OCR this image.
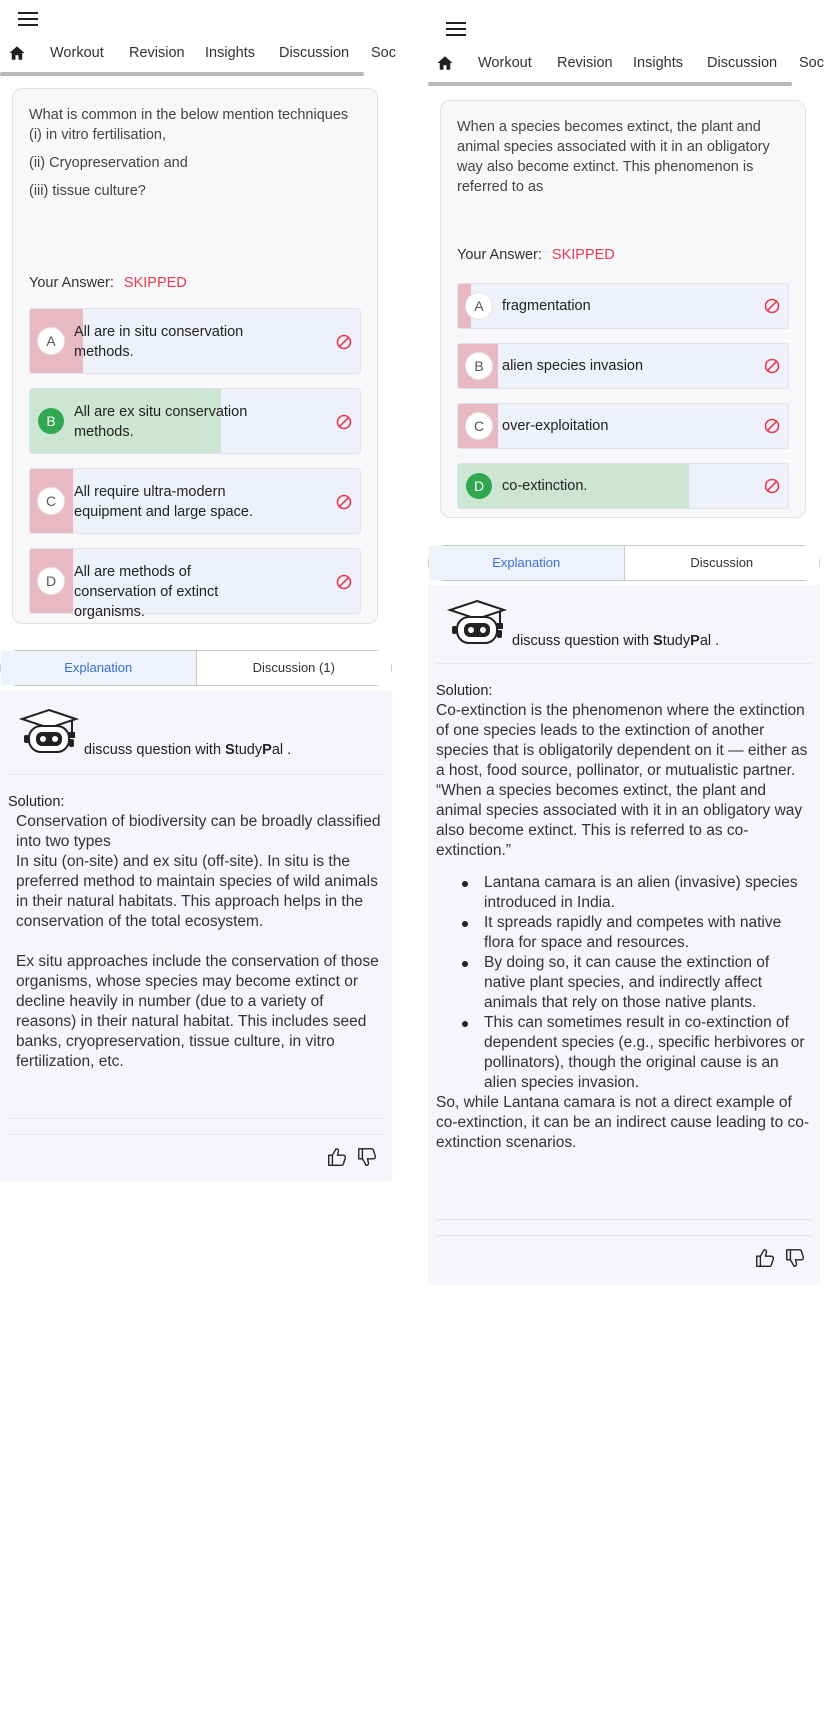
Workout Revision Insights Discussion Soc
What is common in the below mention techniques
(i) in vitro fertilisation,
(ii) Cryopreservation and
(iii) tissue culture?
Your Answer: SKIPPED
A
All are in situ conservation methods.
B
All are ex situ conservation methods.
C
All require ultra-modern equipment and large space.
D
All are methods of conservation of extinct organisms.
Explanation	Discussion (1)
discuss question with StudyPal .
Solution:
Conservation of biodiversity can be broadly classified into two types
In situ (on-site) and ex situ (off-site). In situ is the preferred method to maintain species of wild animals in their natural habitats. This approach helps in the conservation of the total ecosystem.
Ex situ approaches include the conservation of those organisms, whose species may become extinct or decline heavily in number (due to a variety of reasons) in their natural habitat. This includes seed banks, cryopreservation, tissue culture, in vitro fertilization, etc.
Workout Revision Insights Discussion Soc
When a species becomes extinct, the plant and animal species associated with it in an obligatory way also become extinct. This phenomenon is referred to as
Your Answer: SKIPPED
A	fragmentation
B	alien species invasion
C	over-exploitation
D	co-extinction.
Explanation	Discussion
discuss question with StudyPal .
Solution:
Co-extinction is the phenomenon where the extinction of one species leads to the extinction of another species that is obligatorily dependent on it — either as a host, food source, pollinator, or mutualistic partner.
“When a species becomes extinct, the plant and animal species associated with it in an obligatory way also become extinct. This is referred to as co-extinction.”
Lantana camara is an alien (invasive) species introduced in India.
It spreads rapidly and competes with native flora for space and resources.
By doing so, it can cause the extinction of native plant species, and indirectly affect animals that rely on those native plants.
This can sometimes result in co-extinction of dependent species (e.g., specific herbivores or pollinators), though the original cause is an alien species invasion.
So, while Lantana camara is not a direct example of co-extinction, it can be an indirect cause leading to co-extinction scenarios.
